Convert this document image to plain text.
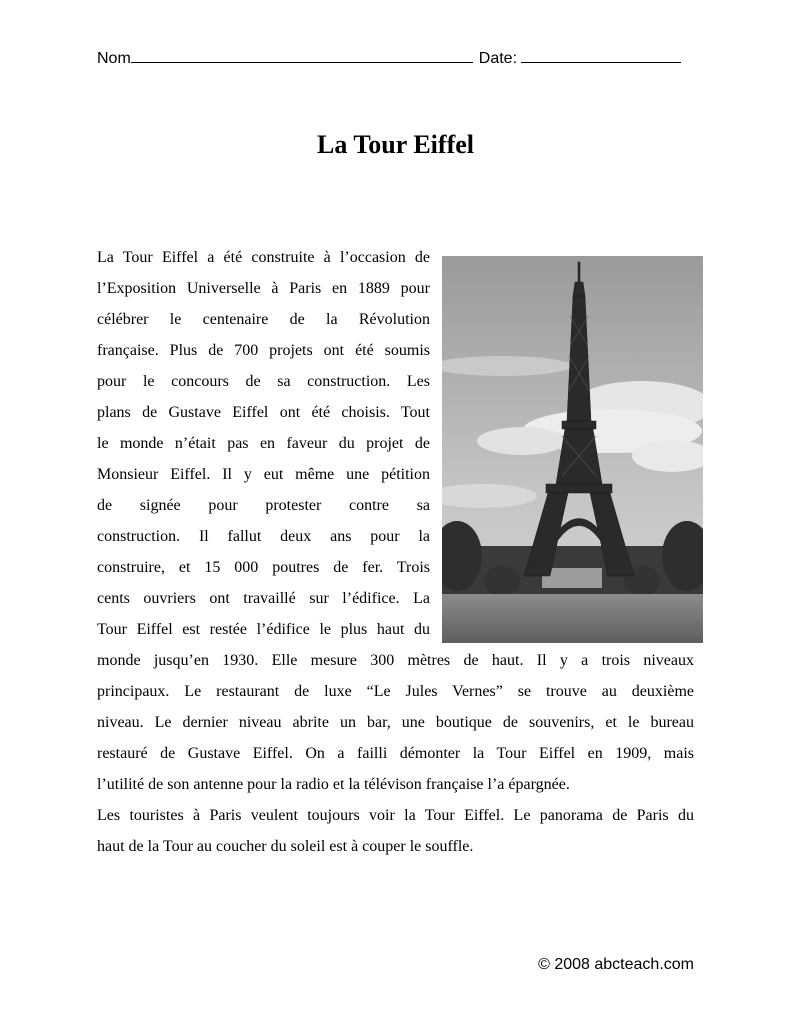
Nom	Date:
La Tour Eiffel
La Tour Eiffel a été construite à l’occasion de
l’Exposition Universelle à Paris en 1889 pour
célébrer le centenaire de la Révolution
française. Plus de 700 projets ont été soumis
pour le concours de sa construction. Les
plans de Gustave Eiffel ont été choisis. Tout
le monde n’était pas en faveur du projet de
Monsieur Eiffel. Il y eut même une pétition
de signée pour protester contre sa
construction. Il fallut deux ans pour la
construire, et 15 000 poutres de fer. Trois
cents ouvriers ont travaillé sur l’édifice. La
Tour Eiffel est restée l’édifice le plus haut du
monde jusqu’en 1930. Elle mesure 300 mètres de haut. Il y a trois niveaux
principaux. Le restaurant de luxe “Le Jules Vernes” se trouve au deuxième
niveau. Le dernier niveau abrite un bar, une boutique de souvenirs, et le bureau
restauré de Gustave Eiffel. On a failli démonter la Tour Eiffel en 1909, mais
l’utilité de son antenne pour la radio et la télévison française l’a épargnée.
Les touristes à Paris veulent toujours voir la Tour Eiffel. Le panorama de Paris du
haut de la Tour au coucher du soleil est à couper le souffle.
© 2008 abcteach.com
